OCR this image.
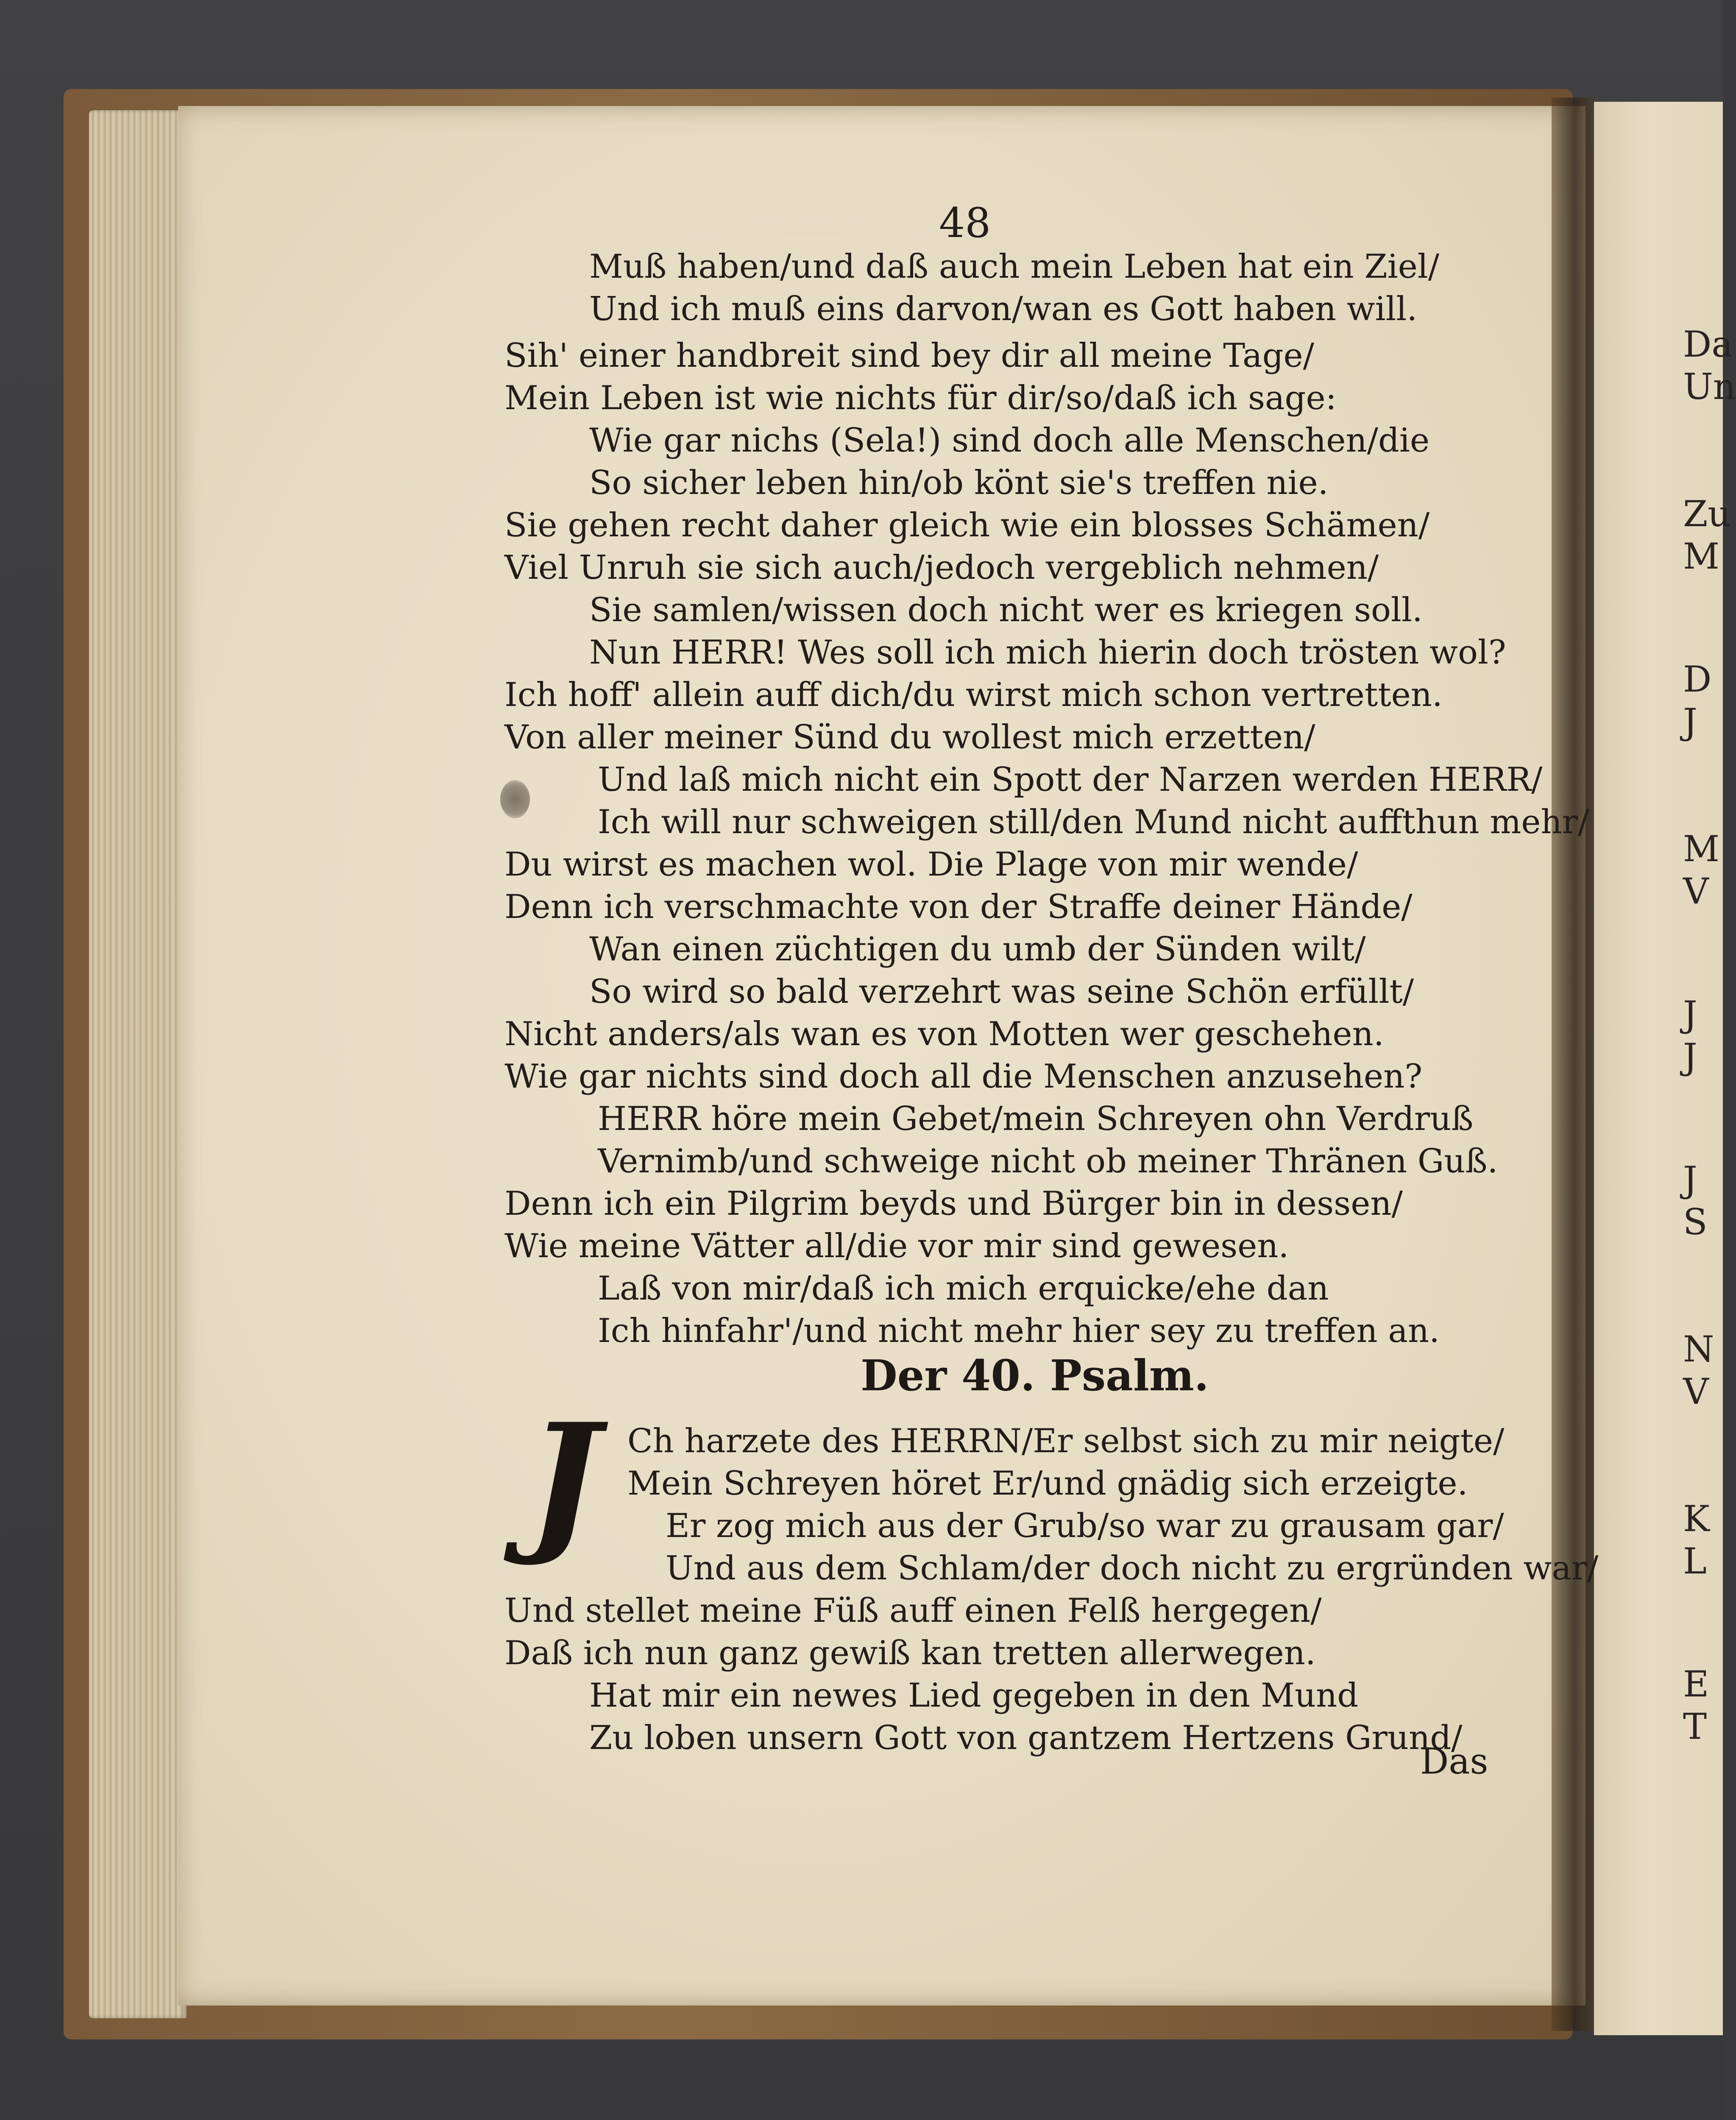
Da
Un
Zu
M
D
J
M
V
J
J
J
S
N
V
K
L
E
T
48
Muß haben/und daß auch mein Leben hat ein Ziel/
Und ich muß eins darvon/wan es Gott haben will.
Sih' einer handbreit sind bey dir all meine Tage/
Mein Leben ist wie nichts für dir/so/daß ich sage:
Wie gar nichs (Sela!) sind doch alle Menschen/die
So sicher leben hin/ob könt sie's treffen nie.
Sie gehen recht daher gleich wie ein blosses Schämen/
Viel Unruh sie sich auch/jedoch vergeblich nehmen/
Sie samlen/wissen doch nicht wer es kriegen soll.
Nun HERR! Wes soll ich mich hierin doch trösten wol?
Ich hoff' allein auff dich/du wirst mich schon vertretten.
Von aller meiner Sünd du wollest mich erzetten/
Und laß mich nicht ein Spott der Narzen werden HERR/
Ich will nur schweigen still/den Mund nicht auffthun mehr/
Du wirst es machen wol. Die Plage von mir wende/
Denn ich verschmachte von der Straffe deiner Hände/
Wan einen züchtigen du umb der Sünden wilt/
So wird so bald verzehrt was seine Schön erfüllt/
Nicht anders/als wan es von Motten wer geschehen.
Wie gar nichts sind doch all die Menschen anzusehen?
HERR höre mein Gebet/mein Schreyen ohn Verdruß
Vernimb/und schweige nicht ob meiner Thränen Guß.
Denn ich ein Pilgrim beyds und Bürger bin in dessen/
Wie meine Vätter all/die vor mir sind gewesen.
Laß von mir/daß ich mich erquicke/ehe dan
Ich hinfahr'/und nicht mehr hier sey zu treffen an.
Der 40. Psalm.
J Ch harzete des HERRN/Er selbst sich zu mir neigte/
Mein Schreyen höret Er/und gnädig sich erzeigte.
Er zog mich aus der Grub/so war zu grausam gar/
Und aus dem Schlam/der doch nicht zu ergründen war/
Und stellet meine Füß auff einen Felß hergegen/
Daß ich nun ganz gewiß kan tretten allerwegen.
Hat mir ein newes Lied gegeben in den Mund
Zu loben unsern Gott von gantzem Hertzens Grund/
Das
